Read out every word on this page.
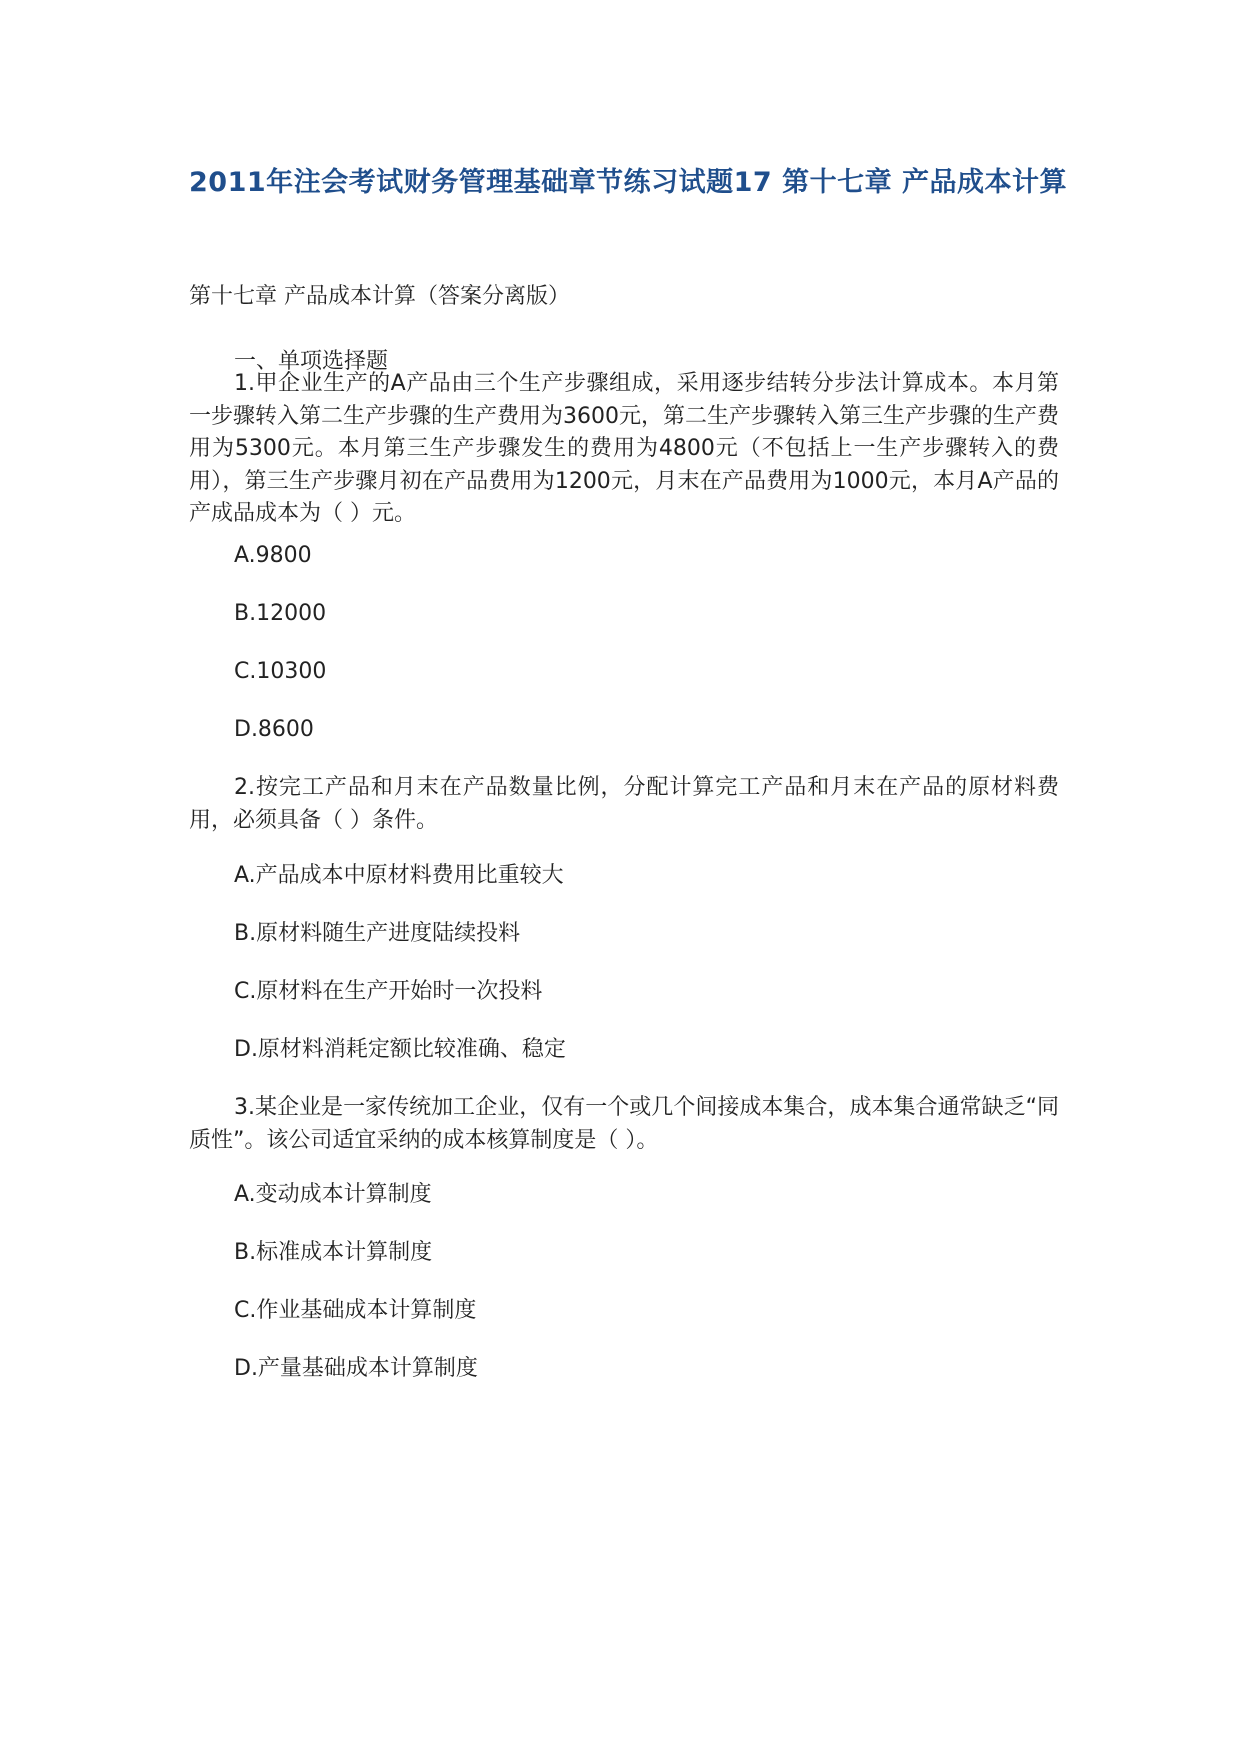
2011年注会考试财务管理基础章节练习试题17 第十七章 产品成本计算

第十七章 产品成本计算（答案分离版）

一、单项选择题

1.甲企业生产的A产品由三个生产步骤组成，采用逐步结转分步法计算成本。本月第一步骤转入第二生产步骤的生产费用为3600元，第二生产步骤转入第三生产步骤的生产费用为5300元。本月第三生产步骤发生的费用为4800元（不包括上一生产步骤转入的费用），第三生产步骤月初在产品费用为1200元，月末在产品费用为1000元，本月A产品的产成品成本为（ ）元。

A.9800

B.12000

C.10300

D.8600

2.按完工产品和月末在产品数量比例，分配计算完工产品和月末在产品的原材料费用，必须具备（ ）条件。

A.产品成本中原材料费用比重较大

B.原材料随生产进度陆续投料

C.原材料在生产开始时一次投料

D.原材料消耗定额比较准确、稳定

3.某企业是一家传统加工企业，仅有一个或几个间接成本集合，成本集合通常缺乏“同质性”。该公司适宜采纳的成本核算制度是（ ）。

A.变动成本计算制度

B.标准成本计算制度

C.作业基础成本计算制度

D.产量基础成本计算制度
